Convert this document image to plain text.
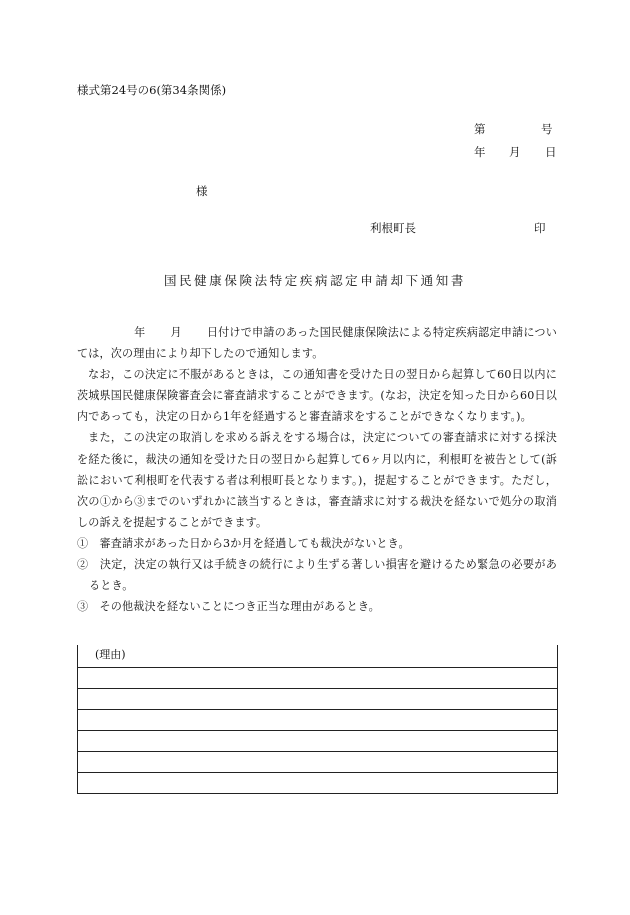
様式第24号の6(第34条関係)
第	号
年 月 日
様
利根町長	印
国民健康保険法特定疾病認定申請却下通知書

年 月 日付けで申請のあった国民健康保険法による特定疾病認定申請については，次の理由により却下したので通知します。

なお，この決定に不服があるときは，この通知書を受けた日の翌日から起算して60日以内に茨城県国民健康保険審査会に審査請求することができます。(なお，決定を知った日から60日以内であっても，決定の日から1年を経過すると審査請求をすることができなくなります。)。

また，この決定の取消しを求める訴えをする場合は，決定についての審査請求に対する採決を経た後に，裁決の通知を受けた日の翌日から起算して6ヶ月以内に，利根町を被告として(訴訟において利根町を代表する者は利根町長となります。)，提起することができます。ただし，次の①から③までのいずれかに該当するときは，審査請求に対する裁決を経ないで処分の取消しの訴えを提起することができます。

①　審査請求があった日から3か月を経過しても裁決がないとき。

②　決定，決定の執行又は手続きの続行により生ずる著しい損害を避けるため緊急の必要があるとき。

③　その他裁決を経ないことにつき正当な理由があるとき。

(理由)
